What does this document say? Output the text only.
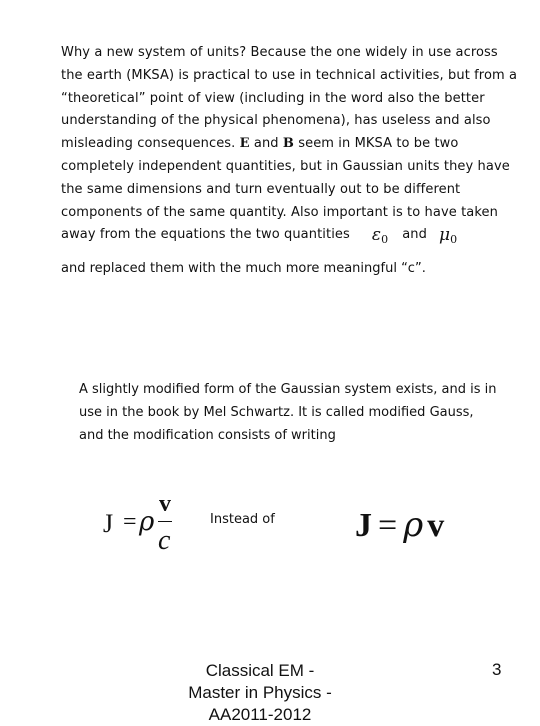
Why a new system of units? Because the one widely in use across the earth (MKSA) is practical to use in technical activities, but from a “theoretical” point of view (including in the word also the better understanding of the physical phenomena), has useless and also misleading consequences. E and B seem in MKSA to be two completely independent quantities, but in Gaussian units they have the same dimensions and turn eventually out to be different components of the same quantity. Also important is to have taken away from the equations the two quantities $\varepsilon_0$ and $\mu_0$

and replaced them with the much more meaningful “c”.

A slightly modified form of the Gaussian system exists, and is in use in the book by Mel Schwartz. It is called modified Gauss, and the modification consists of writing

J = ρ
v
c
Instead of J = ρ v

Classical EM -
Master in Physics -
AA2011-2012

3
